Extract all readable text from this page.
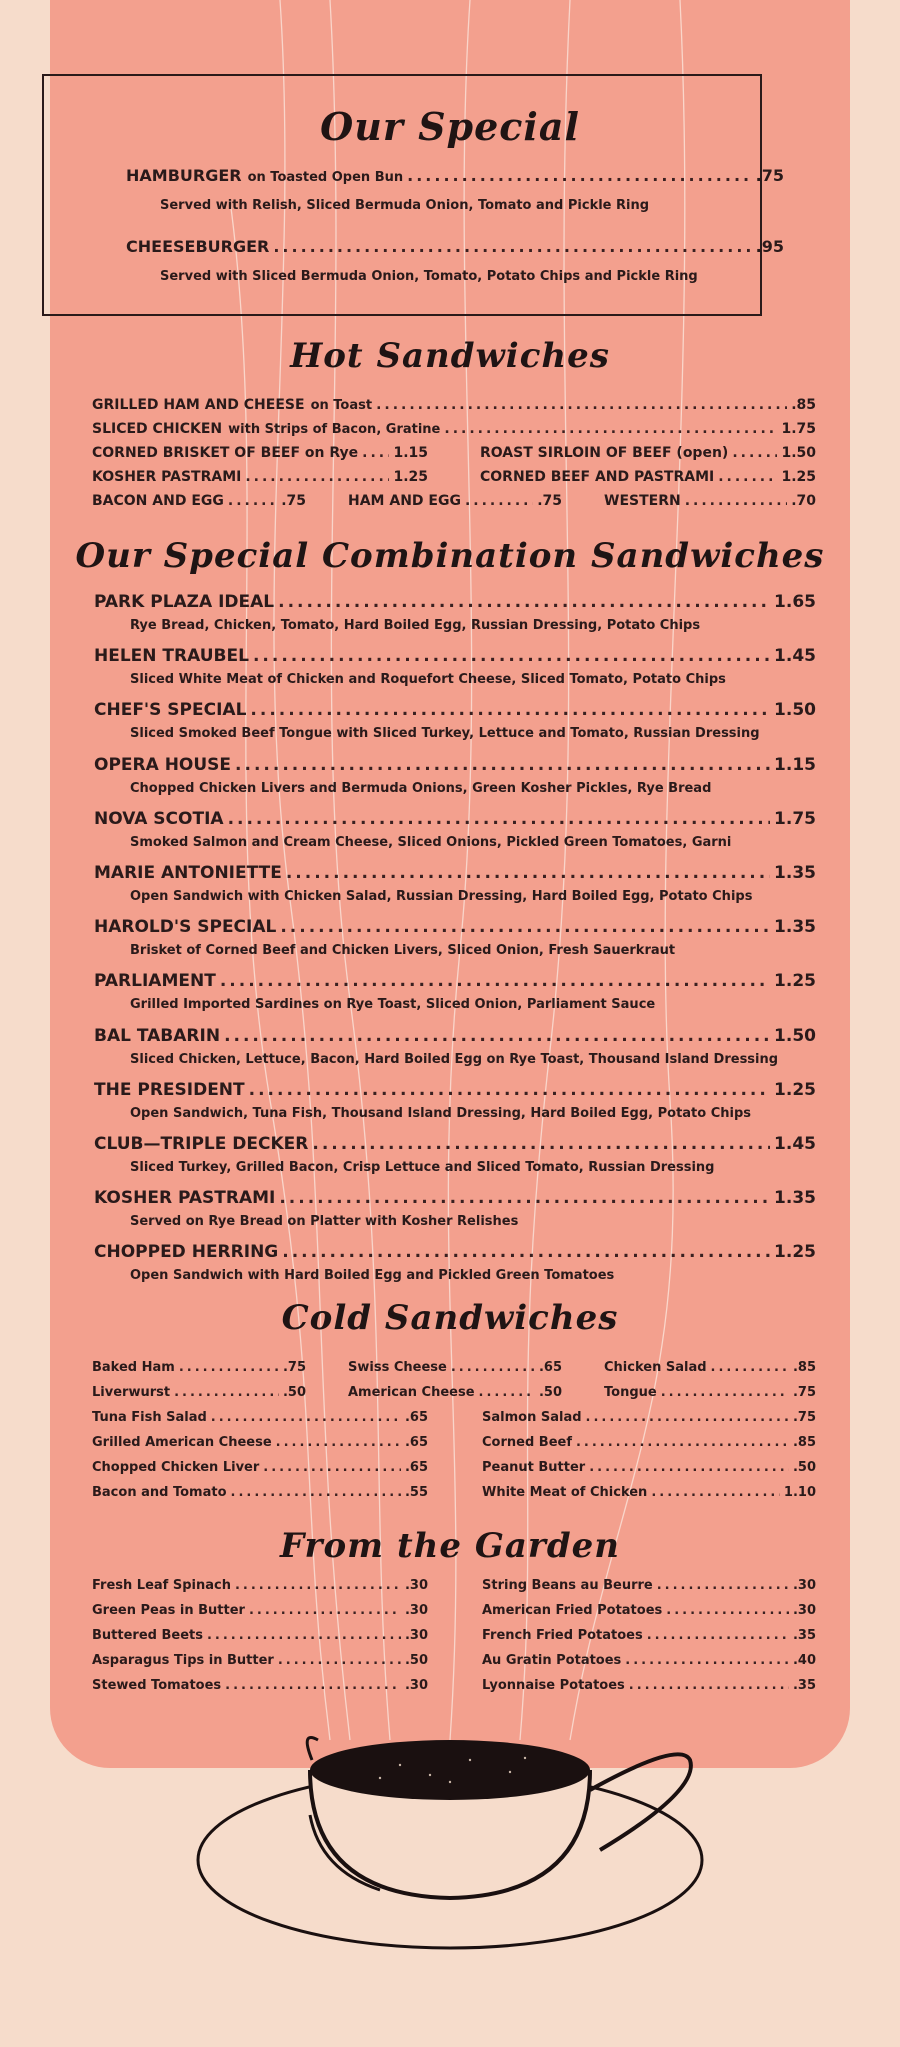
Our Special
HAMBURGER on Toasted Open Bun .....	.75
Served with Relish, Sliced Bermuda Onion, Tomato and Pickle Ring
CHEESEBURGER .....	.95
Served with Sliced Bermuda Onion, Tomato, Potato Chips and Pickle Ring
Hot Sandwiches
GRILLED HAM AND CHEESE on Toast .....	.85
SLICED CHICKEN with Strips of Bacon, Gratine .....	1.75
CORNED BRISKET OF BEEF on Rye .....	1.15	ROAST SIRLOIN OF BEEF (open) .....	1.50
KOSHER PASTRAMI .....	1.25	CORNED BEEF AND PASTRAMI .....	1.25
BACON AND EGG .....	.75	HAM AND EGG .....	.75	WESTERN .....	.70
Our Special Combination Sandwiches
PARK PLAZA IDEAL .....	1.65
Rye Bread, Chicken, Tomato, Hard Boiled Egg, Russian Dressing, Potato Chips
HELEN TRAUBEL .....	1.45
Sliced White Meat of Chicken and Roquefort Cheese, Sliced Tomato, Potato Chips
CHEF'S SPECIAL .....	1.50
Sliced Smoked Beef Tongue with Sliced Turkey, Lettuce and Tomato, Russian Dressing
OPERA HOUSE .....	1.15
Chopped Chicken Livers and Bermuda Onions, Green Kosher Pickles, Rye Bread
NOVA SCOTIA .....	1.75
Smoked Salmon and Cream Cheese, Sliced Onions, Pickled Green Tomatoes, Garni
MARIE ANTONIETTE .....	1.35
Open Sandwich with Chicken Salad, Russian Dressing, Hard Boiled Egg, Potato Chips
HAROLD'S SPECIAL .....	1.35
Brisket of Corned Beef and Chicken Livers, Sliced Onion, Fresh Sauerkraut
PARLIAMENT .....	1.25
Grilled Imported Sardines on Rye Toast, Sliced Onion, Parliament Sauce
BAL TABARIN .....	1.50
Sliced Chicken, Lettuce, Bacon, Hard Boiled Egg on Rye Toast, Thousand Island Dressing
THE PRESIDENT .....	1.25
Open Sandwich, Tuna Fish, Thousand Island Dressing, Hard Boiled Egg, Potato Chips
CLUB—TRIPLE DECKER .....	1.45
Sliced Turkey, Grilled Bacon, Crisp Lettuce and Sliced Tomato, Russian Dressing
KOSHER PASTRAMI .....	1.35
Served on Rye Bread on Platter with Kosher Relishes
CHOPPED HERRING .....	1.25
Open Sandwich with Hard Boiled Egg and Pickled Green Tomatoes
Cold Sandwiches
Baked Ham .....	.75	Swiss Cheese .....	.65	Chicken Salad .....	.85
Liverwurst .....	.50	American Cheese .....	.50	Tongue .....	.75
Tuna Fish Salad .....	.65	Salmon Salad .....	.75
Grilled American Cheese .....	.65	Corned Beef .....	.85
Chopped Chicken Liver .....	.65	Peanut Butter .....	.50
Bacon and Tomato .....	.55	White Meat of Chicken .....	1.10
From the Garden
Fresh Leaf Spinach .....	.30	String Beans au Beurre .....	.30
Green Peas in Butter .....	.30	American Fried Potatoes .....	.30
Buttered Beets .....	.30	French Fried Potatoes .....	.35
Asparagus Tips in Butter .....	.50	Au Gratin Potatoes .....	.40
Stewed Tomatoes .....	.30	Lyonnaise Potatoes .....	.35
